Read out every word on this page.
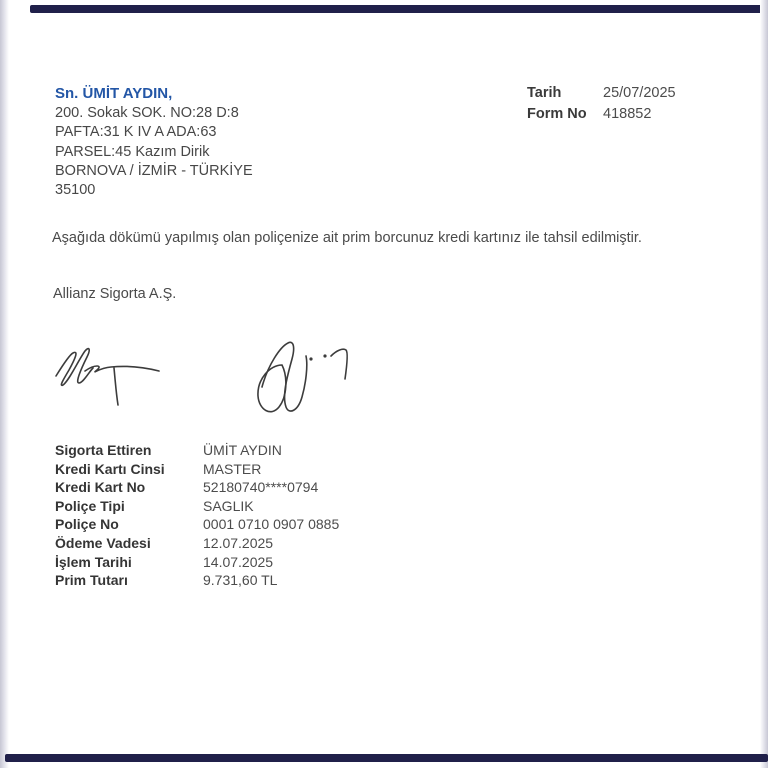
Sn. ÜMİT AYDIN,
200. Sokak SOK. NO:28 D:8
PAFTA:31 K IV A ADA:63
PARSEL:45 Kazım Dirik
BORNOVA / İZMİR - TÜRKİYE
35100
Tarih	25/07/2025
Form No	418852
Aşağıda dökümü yapılmış olan poliçenize ait prim borcunuz kredi kartınız ile tahsil edilmiştir.
Allianz Sigorta A.Ş.
Sigorta Ettiren	ÜMİT AYDIN
Kredi Kartı Cinsi	MASTER
Kredi Kart No	52180740****0794
Poliçe Tipi	SAGLIK
Poliçe No	0001 0710 0907 0885
Ödeme Vadesi	12.07.2025
İşlem Tarihi	14.07.2025
Prim Tutarı	9.731,60 TL
